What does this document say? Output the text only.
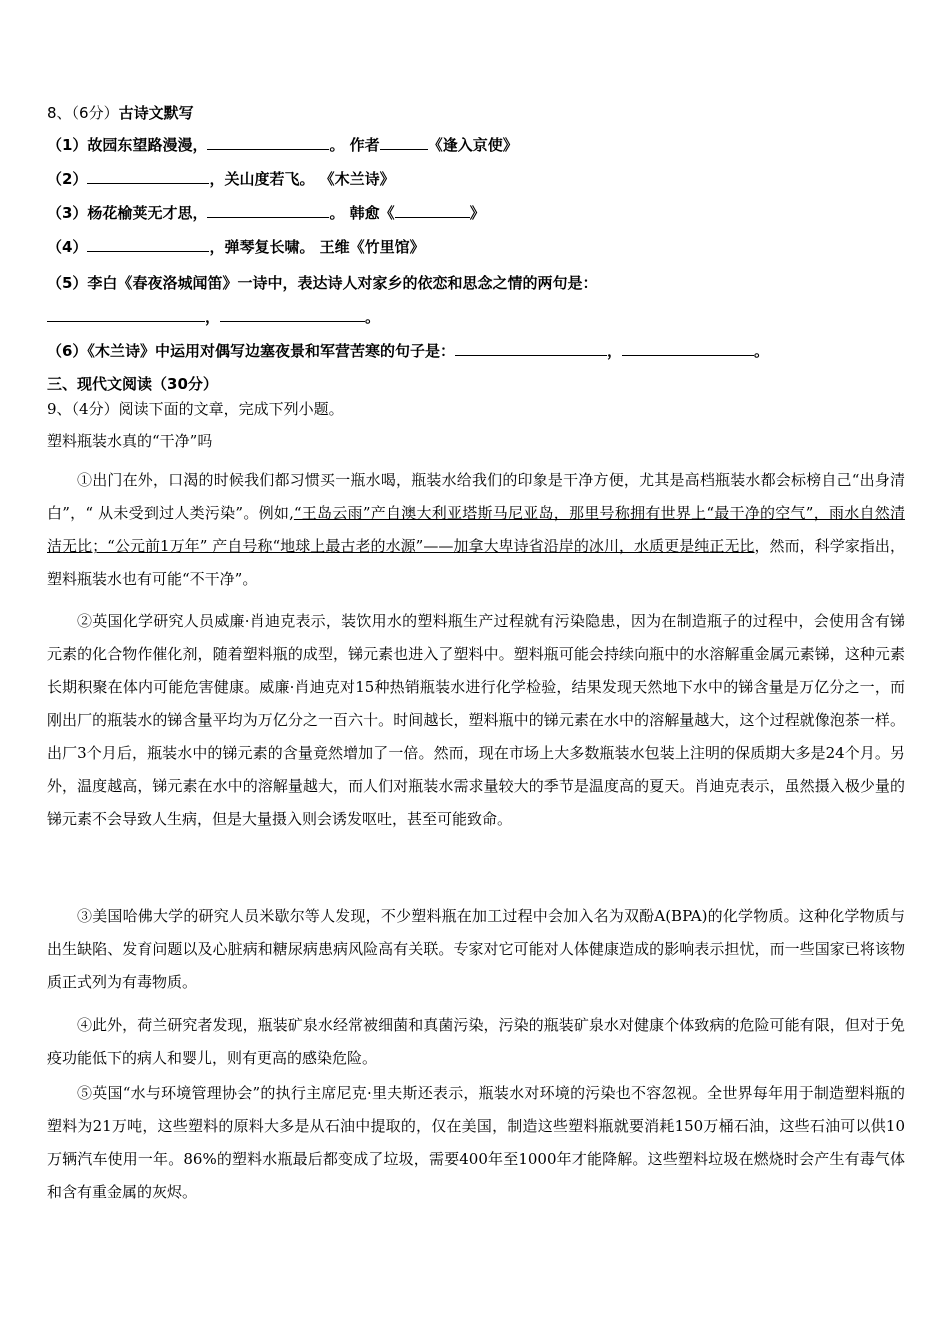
8、（6分）古诗文默写
（1）故园东望路漫漫，	。 作者	《逢入京使》
（2）	，关山度若飞。 《木兰诗》
（3）杨花榆荚无才思，	。 韩愈《	》
（4）	，弹琴复长啸。 王维《竹里馆》
（5）李白《春夜洛城闻笛》一诗中，表达诗人对家乡的依恋和思念之情的两句是：
，	。
（6）《木兰诗》中运用对偶写边塞夜景和军营苦寒的句子是：	，	。
三、现代文阅读（30分）
9、（4分）阅读下面的文章，完成下列小题。
塑料瓶装水真的“干净”吗
①出门在外，口渴的时候我们都习惯买一瓶水喝，瓶装水给我们的印象是干净方便，尤其是高档瓶装水都会标榜自己“出身清白”，“ 从未受到过人类污染”。例如,“王岛云雨”产自澳大利亚塔斯马尼亚岛，那里号称拥有世界上“最干净的空气”，雨水自然清洁无比；“公元前1万年” 产自号称“地球上最古老的水源”——加拿大卑诗省沿岸的冰川，水质更是纯正无比，然而，科学家指出，塑料瓶装水也有可能“不干净”。
②英国化学研究人员威廉·肖迪克表示，装饮用水的塑料瓶生产过程就有污染隐患，因为在制造瓶子的过程中，会使用含有锑元素的化合物作催化剂，随着塑料瓶的成型，锑元素也进入了塑料中。塑料瓶可能会持续向瓶中的水溶解重金属元素锑，这种元素长期积聚在体内可能危害健康。威廉·肖迪克对15种热销瓶装水进行化学检验，结果发现天然地下水中的锑含量是万亿分之一，而刚出厂的瓶装水的锑含量平均为万亿分之一百六十。时间越长，塑料瓶中的锑元素在水中的溶解量越大，这个过程就像泡茶一样。出厂3个月后，瓶装水中的锑元素的含量竟然增加了一倍。然而，现在市场上大多数瓶装水包装上注明的保质期大多是24个月。另外，温度越高，锑元素在水中的溶解量越大，而人们对瓶装水需求量较大的季节是温度高的夏天。肖迪克表示，虽然摄入极少量的锑元素不会导致人生病，但是大量摄入则会诱发呕吐，甚至可能致命。
③美国哈佛大学的研究人员米歇尔等人发现，不少塑料瓶在加工过程中会加入名为双酚A(BPA)的化学物质。这种化学物质与出生缺陷、发育问题以及心脏病和糖尿病患病风险高有关联。专家对它可能对人体健康造成的影响表示担忧，而一些国家已将该物质正式列为有毒物质。
④此外，荷兰研究者发现，瓶装矿泉水经常被细菌和真菌污染，污染的瓶装矿泉水对健康个体致病的危险可能有限，但对于免疫功能低下的病人和婴儿，则有更高的感染危险。
⑤英国“水与环境管理协会”的执行主席尼克·里夫斯还表示，瓶装水对环境的污染也不容忽视。全世界每年用于制造塑料瓶的塑料为21万吨，这些塑料的原料大多是从石油中提取的，仅在美国，制造这些塑料瓶就要消耗150万桶石油，这些石油可以供10万辆汽车使用一年。86%的塑料水瓶最后都变成了垃圾，需要400年至1000年才能降解。这些塑料垃圾在燃烧时会产生有毒气体和含有重金属的灰烬。
